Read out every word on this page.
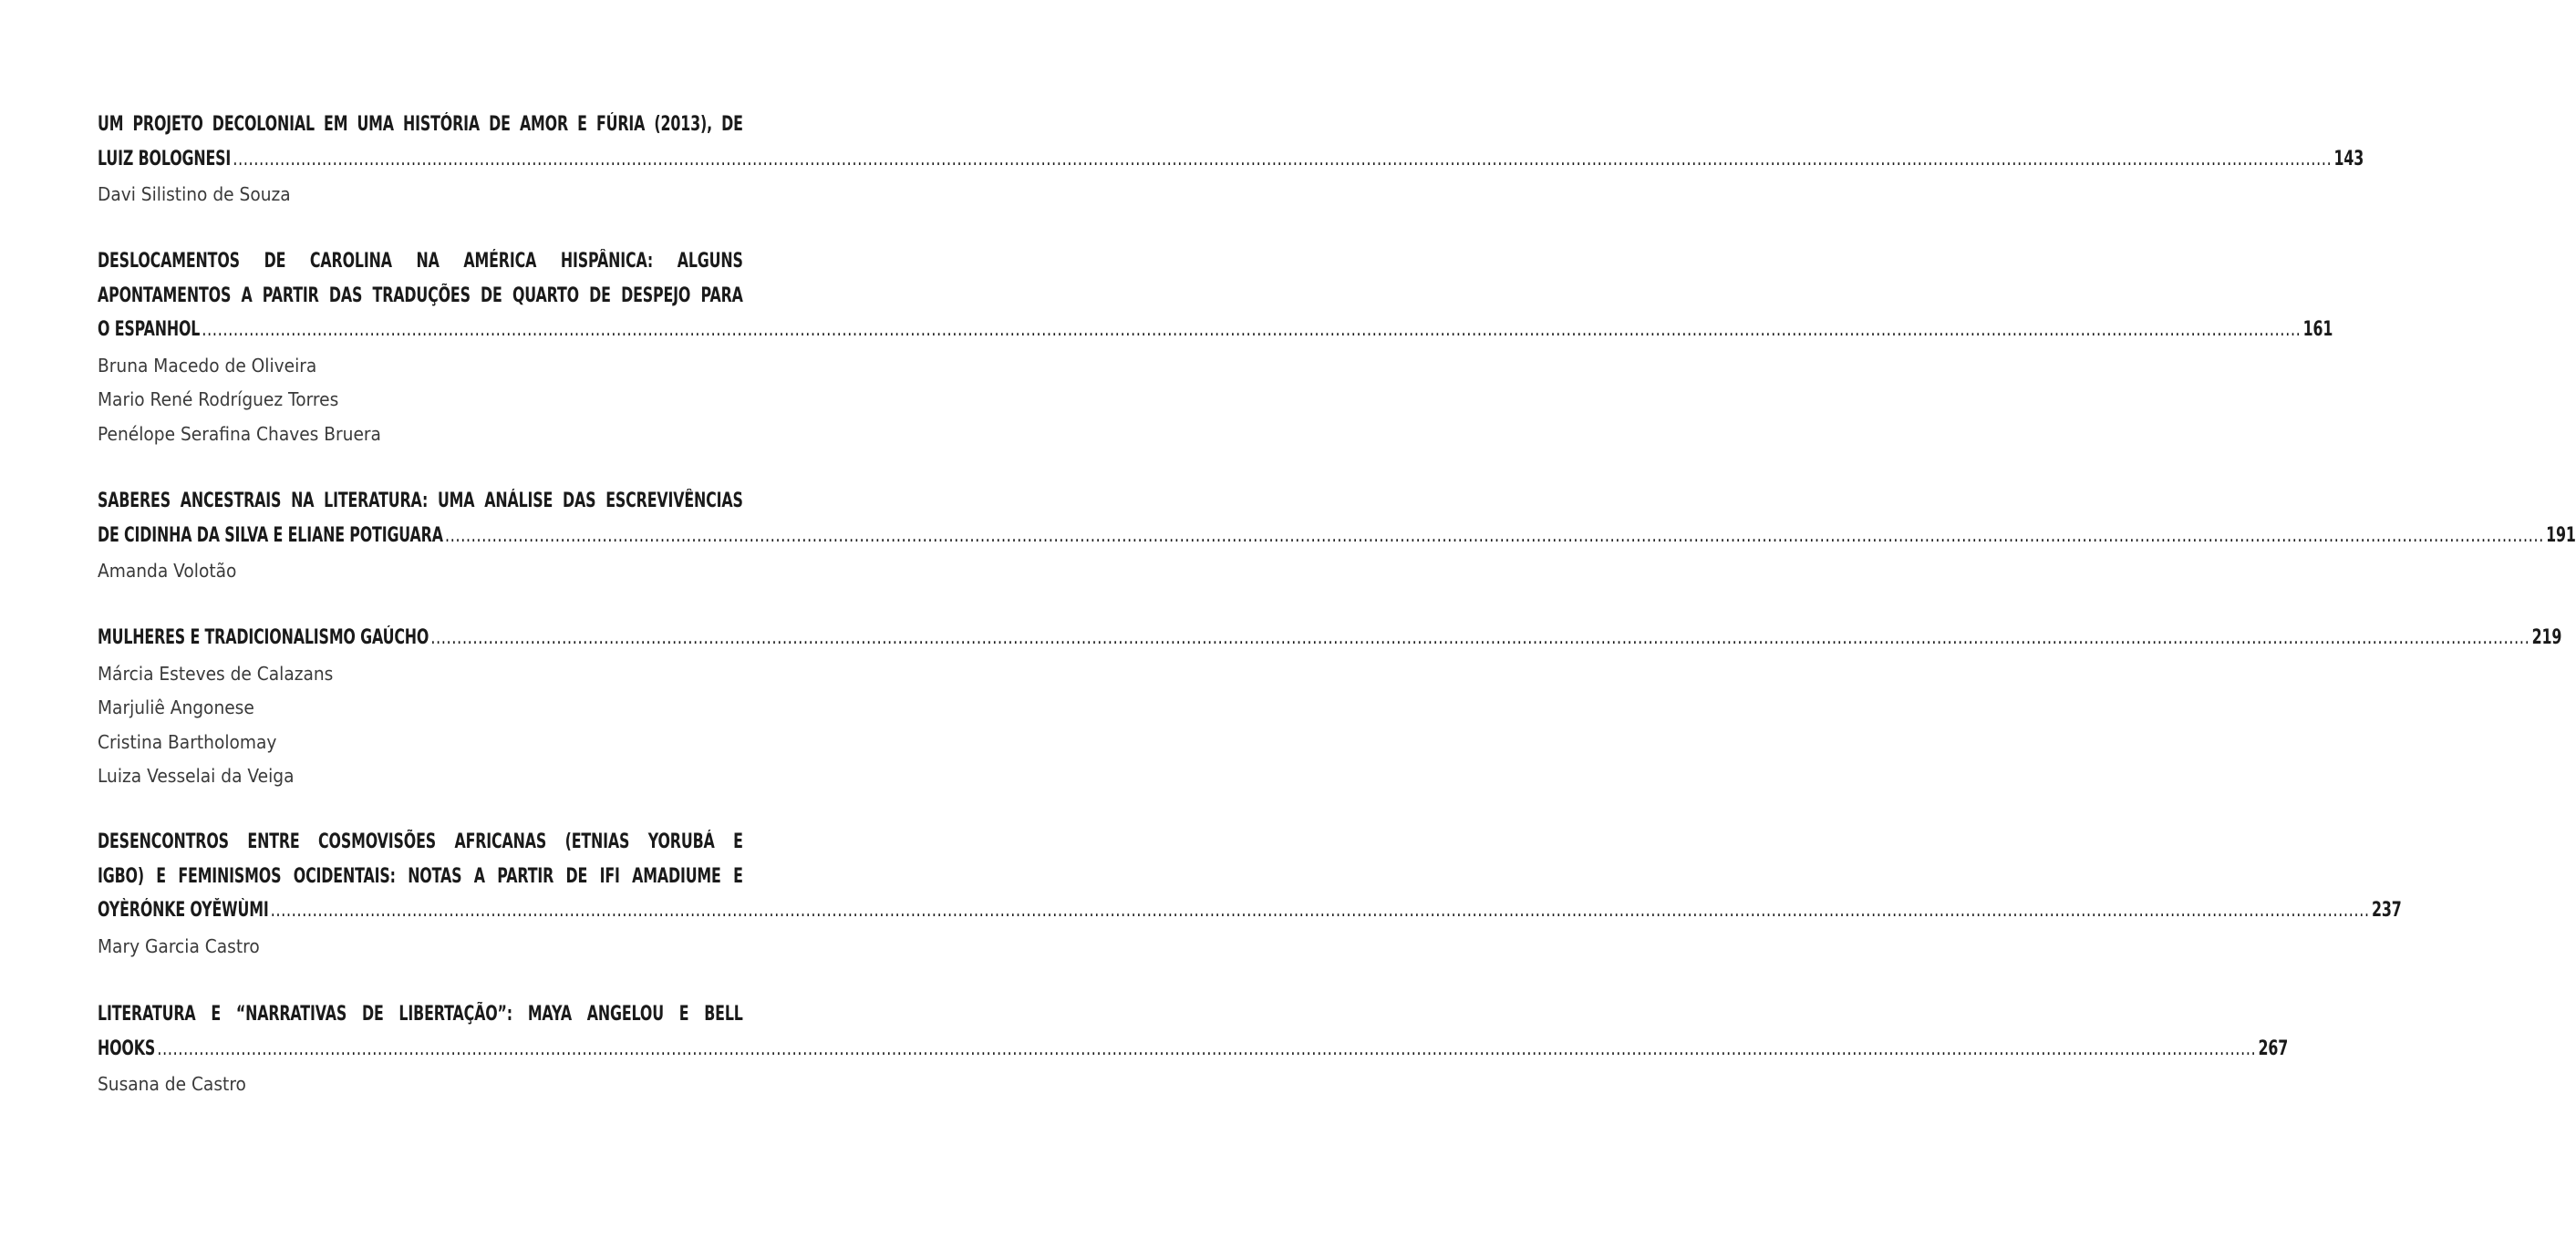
UM PROJETO DECOLONIAL EM UMA HISTÓRIA DE AMOR E FÚRIA (2013), DE
LUIZ BOLOGNESI ................................................................................................................................................................................................................................................................................................................................................................................................................ 143
Davi Silistino de Souza
DESLOCAMENTOS DE CAROLINA NA AMÉRICA HISPÂNICA: ALGUNS
APONTAMENTOS A PARTIR DAS TRADUÇÕES DE QUARTO DE DESPEJO PARA
O ESPANHOL ................................................................................................................................................................................................................................................................................................................................................................................................................ 161
Bruna Macedo de Oliveira
Mario René Rodríguez Torres
Penélope Serafina Chaves Bruera
SABERES ANCESTRAIS NA LITERATURA: UMA ANÁLISE DAS ESCREVIVÊNCIAS
DE CIDINHA DA SILVA E ELIANE POTIGUARA ................................................................................................................................................................................................................................................................................................................................................................................................................ 191
Amanda Volotão
MULHERES E TRADICIONALISMO GAÚCHO ................................................................................................................................................................................................................................................................................................................................................................................................................ 219
Márcia Esteves de Calazans
Marjuliê Angonese
Cristina Bartholomay
Luiza Vesselai da Veiga
DESENCONTROS ENTRE COSMOVISÕES AFRICANAS (ETNIAS YORUBÁ E
IGBO) E FEMINISMOS OCIDENTAIS: NOTAS A PARTIR DE IFI AMADIUME E
OYÈRÓNKE OYĚWÙMI ................................................................................................................................................................................................................................................................................................................................................................................................................ 237
Mary Garcia Castro
LITERATURA E “NARRATIVAS DE LIBERTAÇÃO”: MAYA ANGELOU E BELL
HOOKS ................................................................................................................................................................................................................................................................................................................................................................................................................ 267
Susana de Castro
